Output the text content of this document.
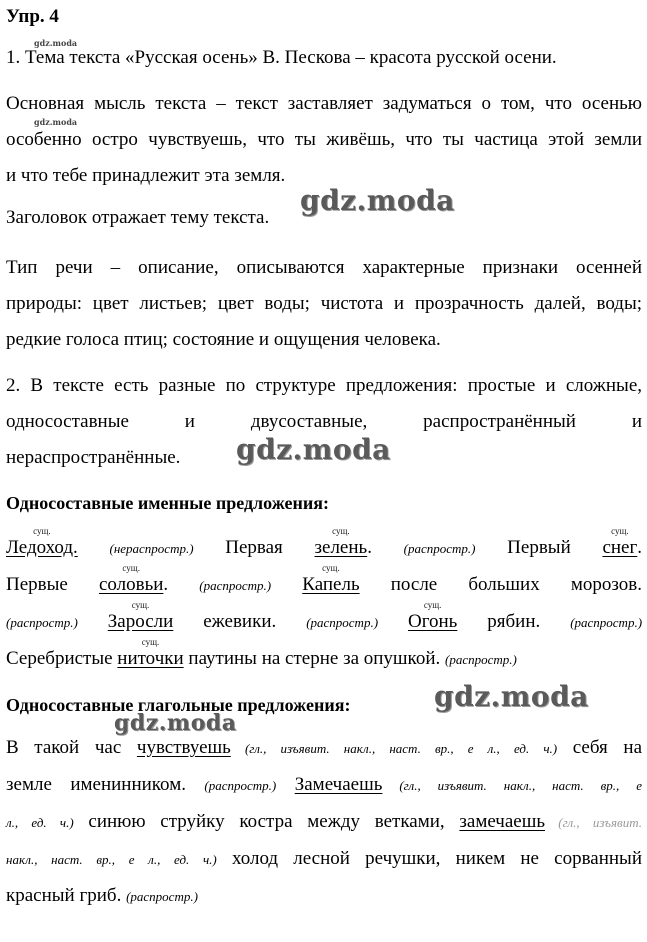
Упр. 4
gdz.moda
1. Тема текста «Русская осень» В. Пескова – красота русской осени.
Основная мысль текста – текст заставляет задуматься о том, что осенью
особенно остро чувствуешь, что ты живёшь, что ты частица этой земли
и что тебе принадлежит эта земля.
gdz.moda
Заголовок отражает тему текста.
gdz.moda
Тип речи – описание, описываются характерные признаки осенней
природы: цвет листьев; цвет воды; чистота и прозрачность далей, воды;
редкие голоса птиц; состояние и ощущения человека.
2. В тексте есть разные по структуре предложения: простые и сложные,
односоставные и двусоставные, распространённый и
нераспространённые.	gdz.moda
Односоставные именные предложения:
сущ.
Ледоход. (нераспростр.) Первая
сущ.
зелень. (распростр.) Первый
сущ.
снег.
Первые
сущ.
соловьи. (распростр.)
сущ.
Капель после больших морозов.
(распростр.)
сущ.
Заросли ежевики. (распростр.)
сущ.
Огонь рябин. (распростр.)
Серебристые
сущ.
ниточки паутины на стерне за опушкой. (распростр.)
Односоставные глагольные предложения:	gdz.moda
gdz.moda
В такой час чувствуешь (гл., изъявит. накл., наст. вр., е л., ед. ч.) себя на
земле именинником. (распростр.) Замечаешь (гл., изъявит. накл., наст. вр., е
л., ед. ч.) синюю струйку костра между ветками, замечаешь (гл., изъявит.
накл., наст. вр., е л., ед. ч.) холод лесной речушки, никем не сорванный
красный гриб. (распростр.)
